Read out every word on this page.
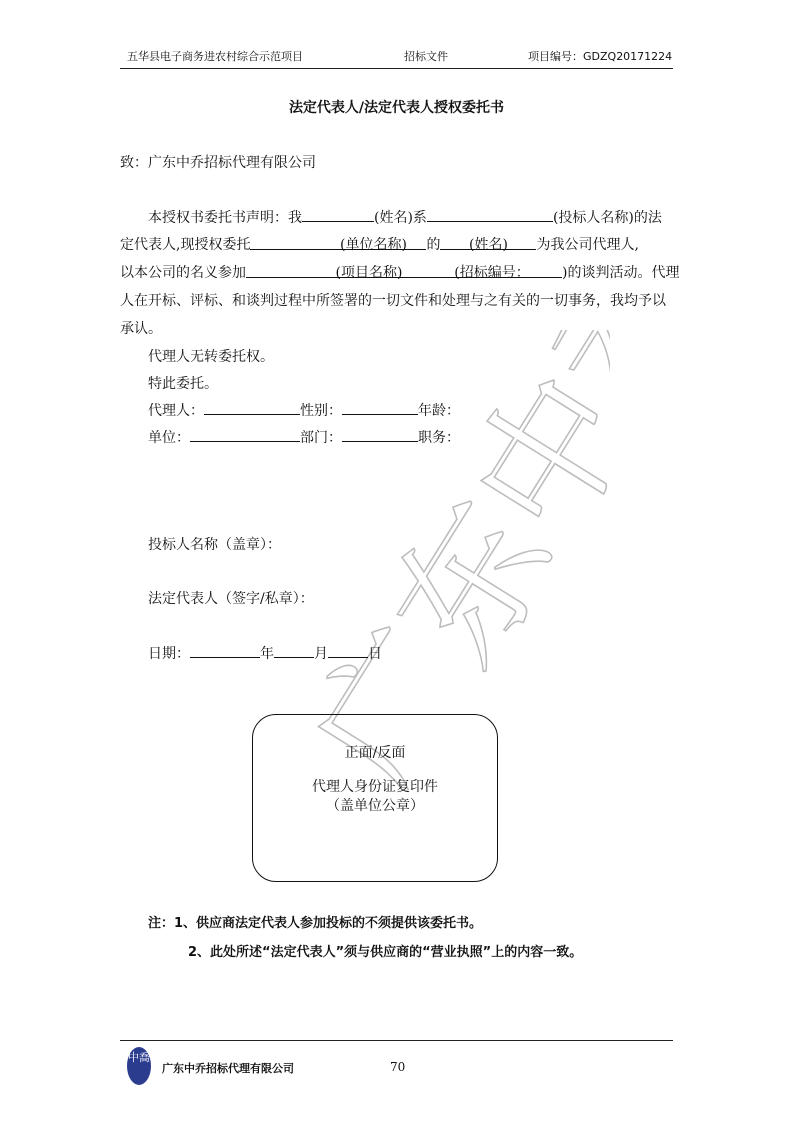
五华县电子商务进农村综合示范项目	招标文件	项目编号：GDZQ20171224
广东中乔
法定代表人/法定代表人授权委托书
致：广东中乔招标代理有限公司
本授权书委托书声明：我	(姓名)系	(投标人名称)的法
定代表人,现授权委托	(单位名称) 的 (姓名) 为我公司代理人,
以本公司的名义参加	(项目名称)	(招标编号： )的谈判活动。代理
人在开标、评标、和谈判过程中所签署的一切文件和处理与之有关的一切事务，我均予以
承认。
代理人无转委托权。
特此委托。
代理人：	性别：	年龄：
单位：	部门：	职务：
投标人名称（盖章）：
法定代表人（签字/私章）：
日期：	年	月	日
正面/反面
代理人身份证复印件
（盖单位公章）
注：1、供应商法定代表人参加投标的不须提供该委托书。
2、此处所述“法定代表人”须与供应商的“营业执照”上的内容一致。
中喬
广东中乔招标代理有限公司	70
